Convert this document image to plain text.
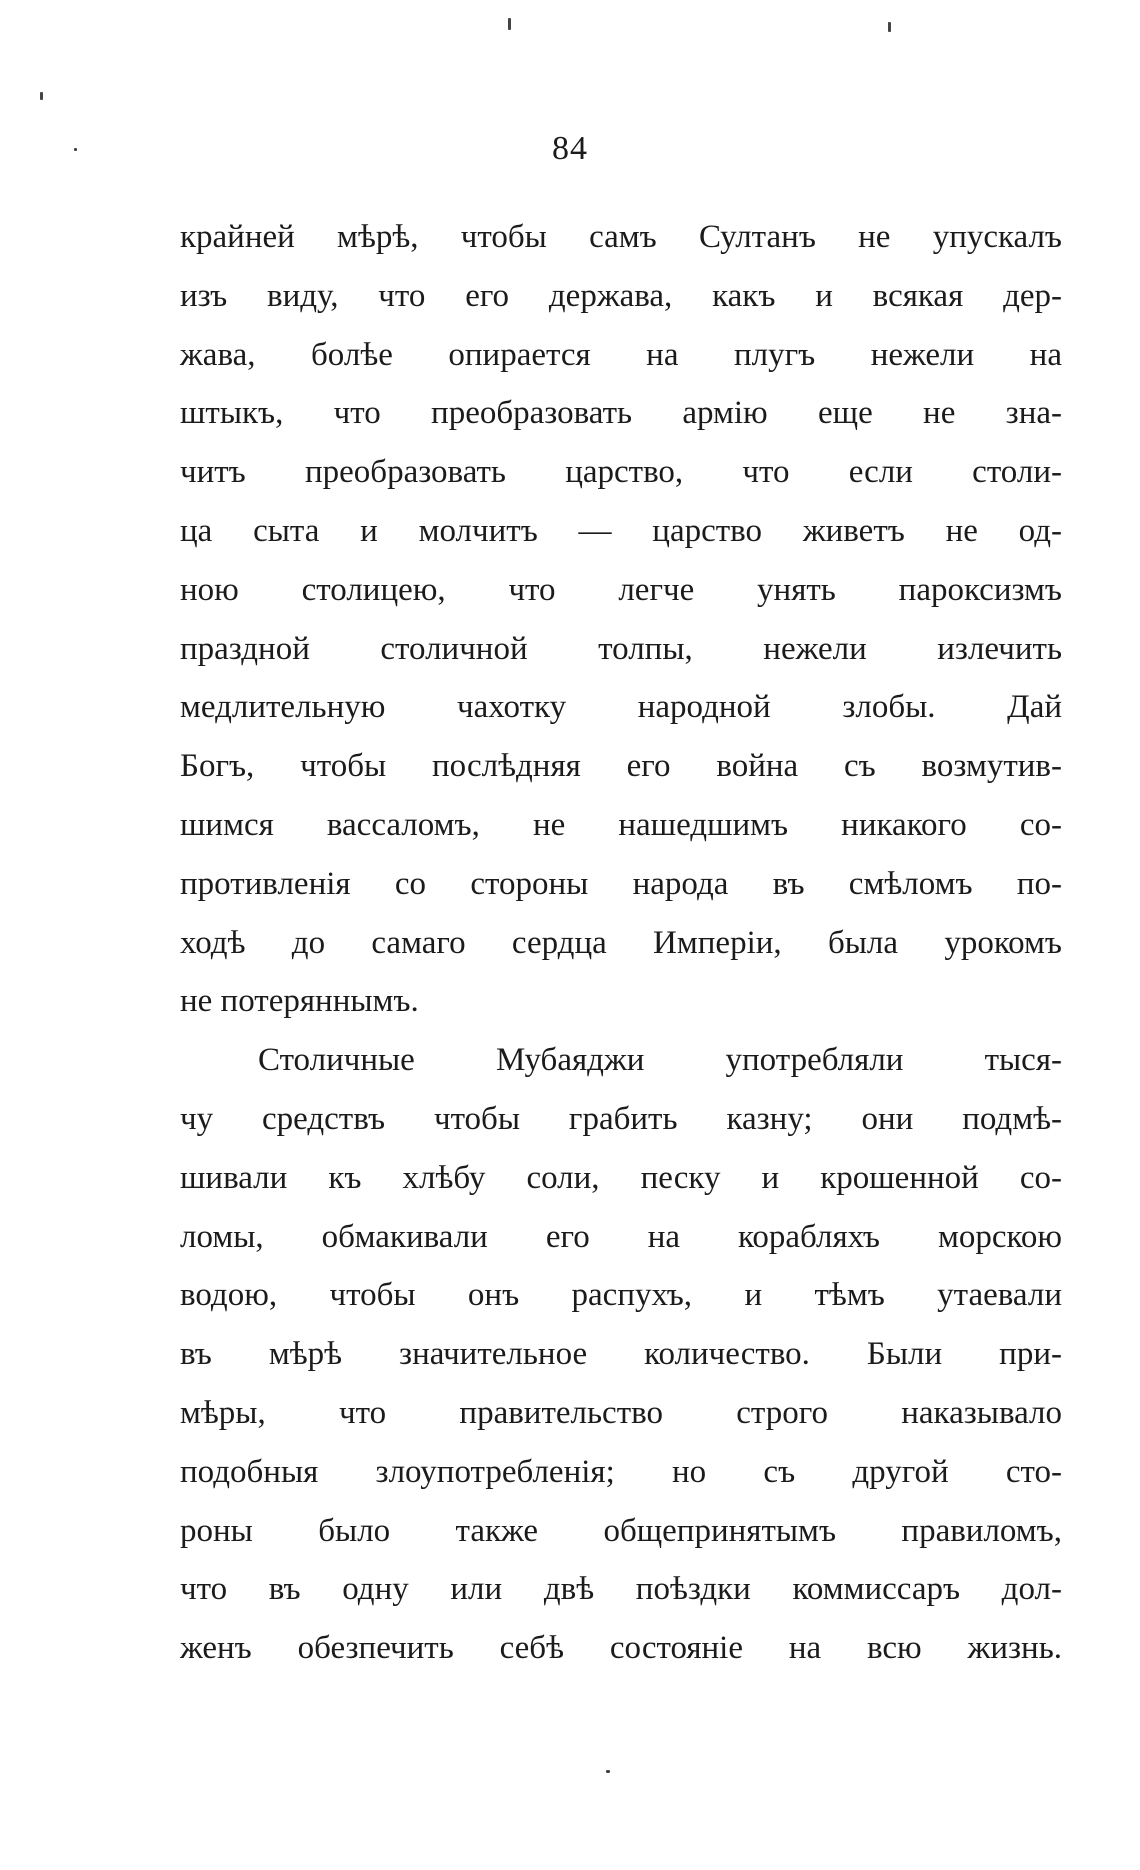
84
крайней мѣрѣ, чтобы самъ Султанъ не упускалъ
изъ виду, что его держава, какъ и всякая дер-
жава, болѣе опирается на плугъ нежели на
штыкъ, что преобразовать армію еще не зна-
читъ преобразовать царство, что если столи-
ца сыта и молчитъ — царство живетъ не од-
ною столицею, что легче унять пароксизмъ
праздной столичной толпы, нежели излечить
медлительную чахотку народной злобы. Дай
Богъ, чтобы послѣдняя его война съ возмутив-
шимся вассаломъ, не нашедшимъ никакого со-
противленія со стороны народа въ смѣломъ по-
ходѣ до самаго сердца Имперіи, была урокомъ
не потеряннымъ.
Столичные Мубаяджи употребляли тыся-
чу средствъ чтобы грабить казну; они подмѣ-
шивали къ хлѣбу соли, песку и крошенной со-
ломы, обмакивали его на корабляхъ морскою
водою, чтобы онъ распухъ, и тѣмъ утаевали
въ мѣрѣ значительное количество. Были при-
мѣры, что правительство строго наказывало
подобныя злоупотребленія; но съ другой сто-
роны было также общепринятымъ правиломъ,
что въ одну или двѣ поѣздки коммиссаръ дол-
женъ обезпечить себѣ состояніе на всю жизнь.
